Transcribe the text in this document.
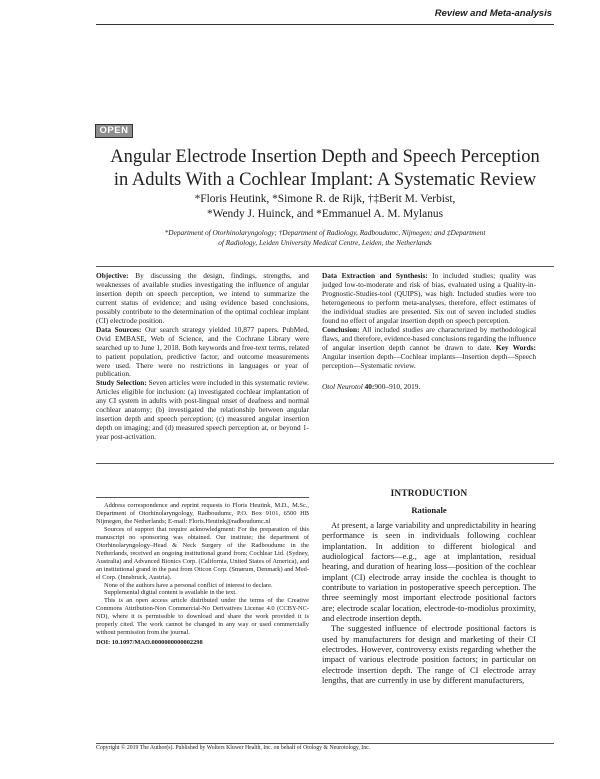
Review and Meta-analysis
OPEN
Angular Electrode Insertion Depth and Speech Perception
in Adults With a Cochlear Implant: A Systematic Review
*Floris Heutink, *Simone R. de Rijk, †‡Berit M. Verbist,
*Wendy J. Huinck, and *Emmanuel A. M. Mylanus
*Department of Otorhinolaryngology; †Department of Radiology, Radboudumc, Nijmegen; and ‡Department
of Radiology, Leiden University Medical Centre, Leiden, the Netherlands

Objective: By discussing the design, findings, strengths, and weaknesses of available studies investigating the influence of angular insertion depth on speech perception, we intend to summarize the current status of evidence; and using evidence based conclusions, possibly contribute to the determination of the optimal cochlear implant (CI) electrode position.

Data Sources: Our search strategy yielded 10,877 papers. PubMed, Ovid EMBASE, Web of Science, and the Cochrane Library were searched up to June 1, 2018. Both keywords and free-text terms, related to patient population, predictive factor, and outcome measurements were used. There were no restrictions in languages or year of publication.

Study Selection: Seven articles were included in this systematic review. Articles eligible for inclusion: (a) investigated cochlear implantation of any CI system in adults with post-lingual onset of deafness and normal cochlear anatomy; (b) investigated the relationship between angular insertion depth and speech perception; (c) measured angular insertion depth on imaging; and (d) measured speech perception at, or beyond 1-year post-activation.

Data Extraction and Synthesis: In included studies; quality was judged low-to-moderate and risk of bias, evaluated using a Quality-in-Prognostic-Studies-tool (QUIPS), was high. Included studies were too heterogeneous to perform meta-analyses, therefore, effect estimates of the individual studies are presented. Six out of seven included studies found no effect of angular insertion depth on speech perception.

Conclusion: All included studies are characterized by methodological flaws, and therefore, evidence-based conclusions regarding the influence of angular insertion depth cannot be drawn to date. Key Words: Angular insertion depth—Cochlear implants—Insertion depth—Speech perception—Systematic review.

Otol Neurotol 40:900–910, 2019.

Address correspondence and reprint requests to Floris Heutink, M.D., M.Sc., Department of Otorhinolaryngology, Radboudumc, P.O. Box 9101, 6500 HB Nijmegen, the Netherlands; E-mail: Floris.Heutink@radboudumc.nl

Sources of support that require acknowledgment: For the preparation of this manuscript no sponsoring was obtained. Our institute; the department of Otorhinolaryngology–Head & Neck Surgery of the Radboudumc in the Netherlands, received an ongoing institutional grand from; Cochlear Ltd. (Sydney, Australia) and Advanced Bionics Corp. (California, United States of America), and an institutional grand in the past from Oticon Corp. (Smørum, Denmark) and Med-el Corp. (Innsbruck, Austria).

None of the authors have a personal conflict of interest to declare.

Supplemental digital content is available in the text.

This is an open access article distributed under the terms of the Creative Commons Attribution-Non Commercial-No Derivatives License 4.0 (CCBY-NC-ND), where it is permissible to download and share the work provided it is properly cited. The work cannot be changed in any way or used commercially without permission from the journal.

DOI: 10.1097/MAO.0000000000002298

INTRODUCTION
Rationale

At present, a large variability and unpredictability in hearing performance is seen in individuals following cochlear implantation. In addition to different biological and audiological factors—e.g., age at implantation, residual hearing, and duration of hearing loss—position of the cochlear implant (CI) electrode array inside the cochlea is thought to contribute to variation in postoperative speech perception. The three seemingly most important electrode positional factors are; electrode scalar location, electrode-to-modiolus proximity, and electrode insertion depth.

The suggested influence of electrode positional factors is used by manufacturers for design and marketing of their CI electrodes. However, controversy exists regarding whether the impact of various electrode position factors; in particular on electrode insertion depth. The range of CI electrode array lengths, that are currently in use by different manufacturers,

Copyright © 2019 The Author(s). Published by Wolters Kluwer Health, Inc. on behalf of Otology & Neurotology, Inc.
